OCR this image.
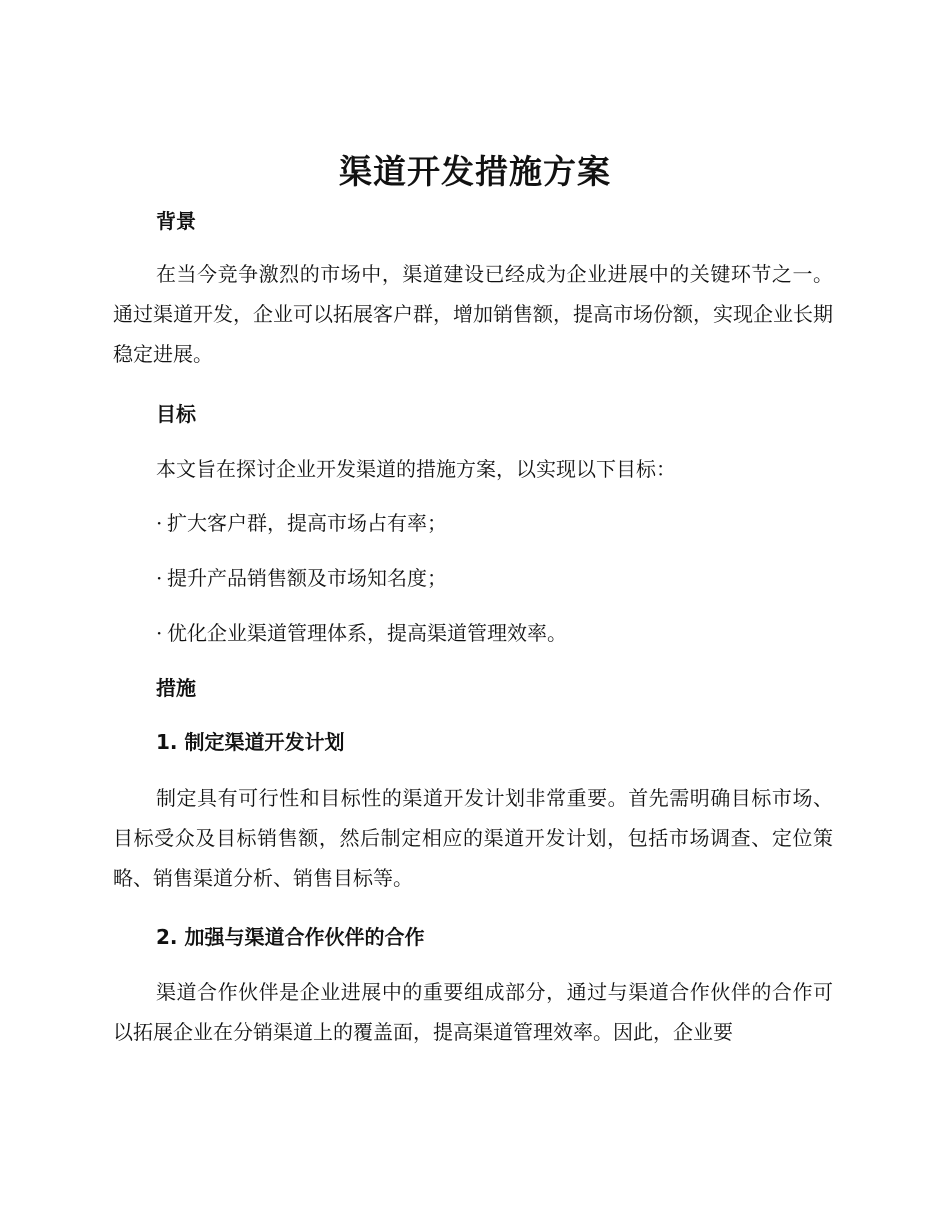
渠道开发措施方案
背景
在当今竞争激烈的市场中，渠道建设已经成为企业进展中的关键环节之一。通过渠道开发，企业可以拓展客户群，增加销售额，提高市场份额，实现企业长期稳定进展。
目标
本文旨在探讨企业开发渠道的措施方案，以实现以下目标：
· 扩大客户群，提高市场占有率；
· 提升产品销售额及市场知名度；
· 优化企业渠道管理体系，提高渠道管理效率。
措施
1. 制定渠道开发计划
制定具有可行性和目标性的渠道开发计划非常重要。首先需明确目标市场、目标受众及目标销售额，然后制定相应的渠道开发计划，包括市场调查、定位策略、销售渠道分析、销售目标等。
2. 加强与渠道合作伙伴的合作
渠道合作伙伴是企业进展中的重要组成部分，通过与渠道合作伙伴的合作可以拓展企业在分销渠道上的覆盖面，提高渠道管理效率。因此，企业要
